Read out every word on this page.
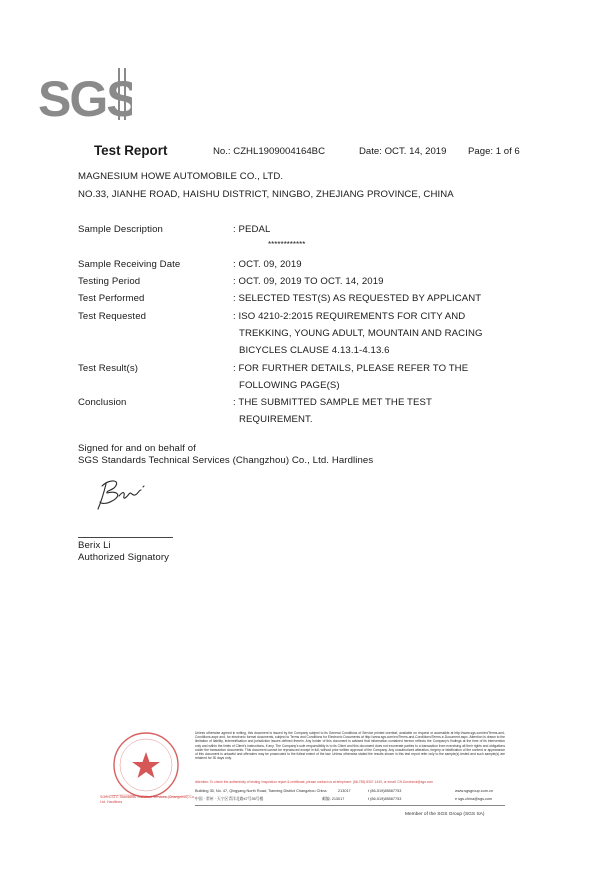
SGS
Test Report	No.: CZHL1909004164BC	Date: OCT. 14, 2019 Page: 1 of 6
MAGNESIUM HOWE AUTOMOBILE CO., LTD.
NO.33, JIANHE ROAD, HAISHU DISTRICT, NINGBO, ZHEJIANG PROVINCE, CHINA
Sample Description	: PEDAL
************
Sample Receiving Date	: OCT. 09, 2019
Testing Period	: OCT. 09, 2019 TO OCT. 14, 2019
Test Performed	: SELECTED TEST(S) AS REQUESTED BY APPLICANT
Test Requested	: ISO 4210-2:2015 REQUIREMENTS FOR CITY AND
TREKKING, YOUNG ADULT, MOUNTAIN AND RACING
BICYCLES CLAUSE 4.13.1-4.13.6
Test Result(s)	: FOR FURTHER DETAILS, PLEASE REFER TO THE
FOLLOWING PAGE(S)
Conclusion	: THE SUBMITTED SAMPLE MET THE TEST
REQUIREMENT.
Signed for and on behalf of
SGS Standards Technical Services (Changzhou) Co., Ltd. Hardlines
Berix Li
Authorized Signatory
SGS-CSTC Standards Technical Services (Changzhou) Co., Ltd. Hardlines
Unless otherwise agreed in writing, this document is issued by the Company subject to its General Conditions of Service printed overleaf, available on request or accessible at http://www.sgs.com/en/Terms-and-Conditions.aspx and, for electronic format documents, subject to Terms and Conditions for Electronic Documents at http://www.sgs.com/en/Terms-and-Conditions/Terms-e-Document.aspx. Attention is drawn to the limitation of liability, indemnification and jurisdiction issues defined therein. Any holder of this document is advised that information contained hereon reflects the Company's findings at the time of its intervention only and within the limits of Client's instructions, if any. The Company's sole responsibility is to its Client and this document does not exonerate parties to a transaction from exercising all their rights and obligations under the transaction documents. This document cannot be reproduced except in full, without prior written approval of the Company. Any unauthorized alteration, forgery or falsification of the content or appearance of this document is unlawful and offenders may be prosecuted to the fullest extent of the law. Unless otherwise stated the results shown in this test report refer only to the sample(s) tested and such sample(s) are retained for 30 days only.
Attention: To check the authenticity of testing /inspection report & certificate, please contact us at telephone: (86-755) 8307 1443, or email: CN.Doccheck@sgs.com
Building 35, No. 47, Qingyang North Road, Tianning District Changzhou China	213017	t (86-519)85587753	www.sgsgroup.com.cn
中国 · 常州 · 天宁区青洋北路47号35号楼	邮编: 213017	t (86-519)85587753	e sgs.china@sgs.com
Member of the SGS Group (SGS SA)
